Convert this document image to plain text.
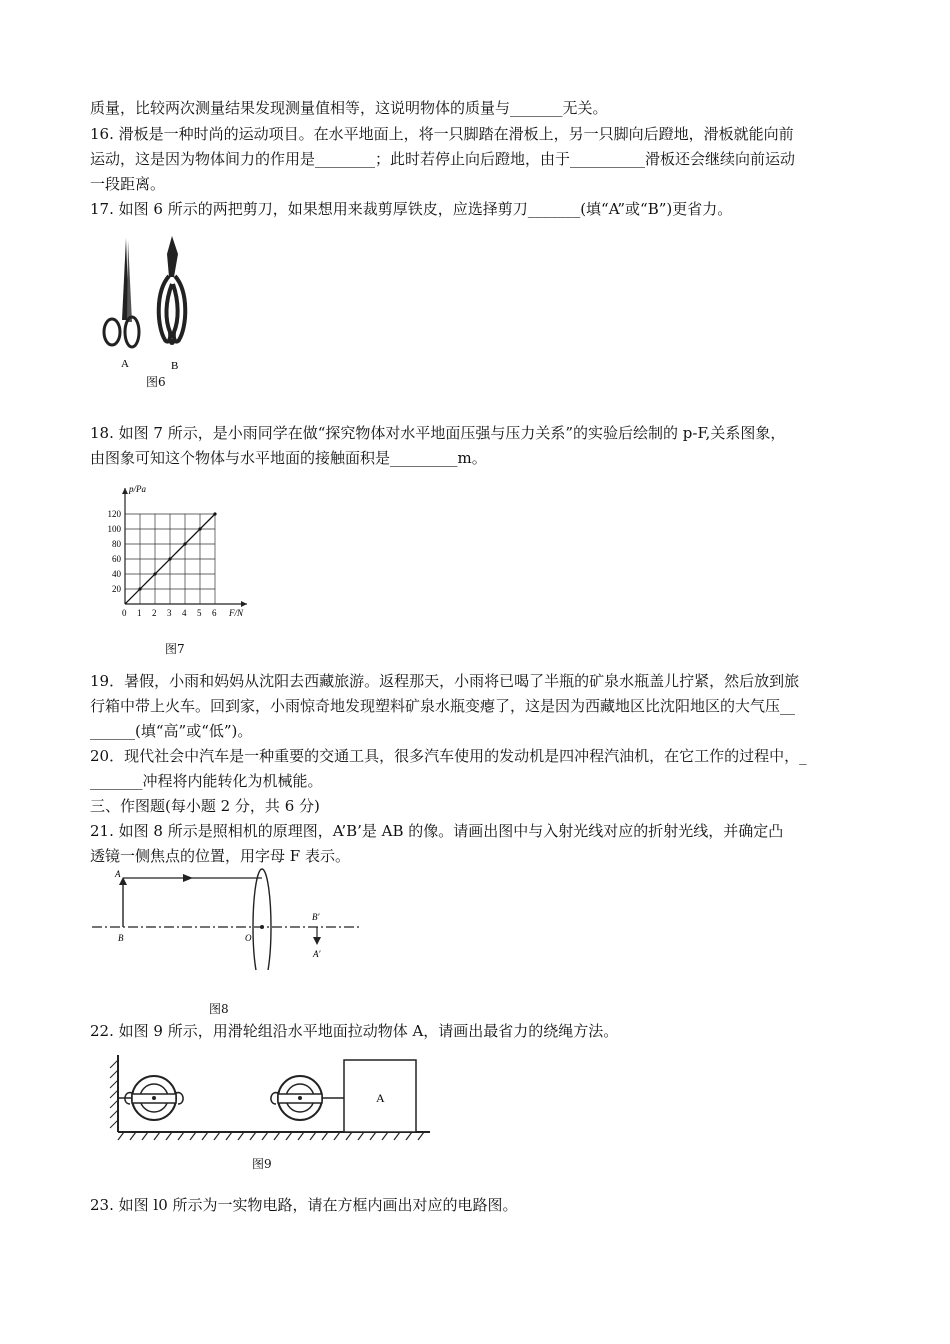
质量，比较两次测量结果发现测量值相等，这说明物体的质量与_______无关。
16. 滑板是一种时尚的运动项目。在水平地面上，将一只脚踏在滑板上，另一只脚向后蹬地，滑板就能向前
运动，这是因为物体间力的作用是________；此时若停止向后蹬地，由于__________滑板还会继续向前运动
一段距离。
17. 如图 6 所示的两把剪刀，如果想用来裁剪厚铁皮，应选择剪刀_______(填“A”或“B”)更省力。
A	B
图6
18. 如图 7 所示，是小雨同学在做“探究物体对水平地面压强与压力关系”的实验后绘制的 p-F,关系图象，
由图象可知这个物体与水平地面的接触面积是_________m。
0 1 2 3 4 5 6
20
40
60
80
100
120
F/N
p/Pa
图7
19．暑假，小雨和妈妈从沈阳去西藏旅游。返程那天，小雨将已喝了半瓶的矿泉水瓶盖儿拧紧，然后放到旅
行箱中带上火车。回到家，小雨惊奇地发现塑料矿泉水瓶变瘪了，这是因为西藏地区比沈阳地区的大气压__
______(填“高”或“低”)。
20．现代社会中汽车是一种重要的交通工具，很多汽车使用的发动机是四冲程汽油机，在它工作的过程中，_
_______冲程将内能转化为机械能。
三、作图题(每小题 2 分，共 6 分)
21. 如图 8 所示是照相机的原理图，A’B’是 AB 的像。请画出图中与入射光线对应的折射光线，并确定凸
透镜一侧焦点的位置，用字母 F 表示。
A
B	O
B′
A′
图8
22. 如图 9 所示，用滑轮组沿水平地面拉动物体 A，请画出最省力的绕绳方法。
A
图9
23. 如图 l0 所示为一实物电路，请在方框内画出对应的电路图。
